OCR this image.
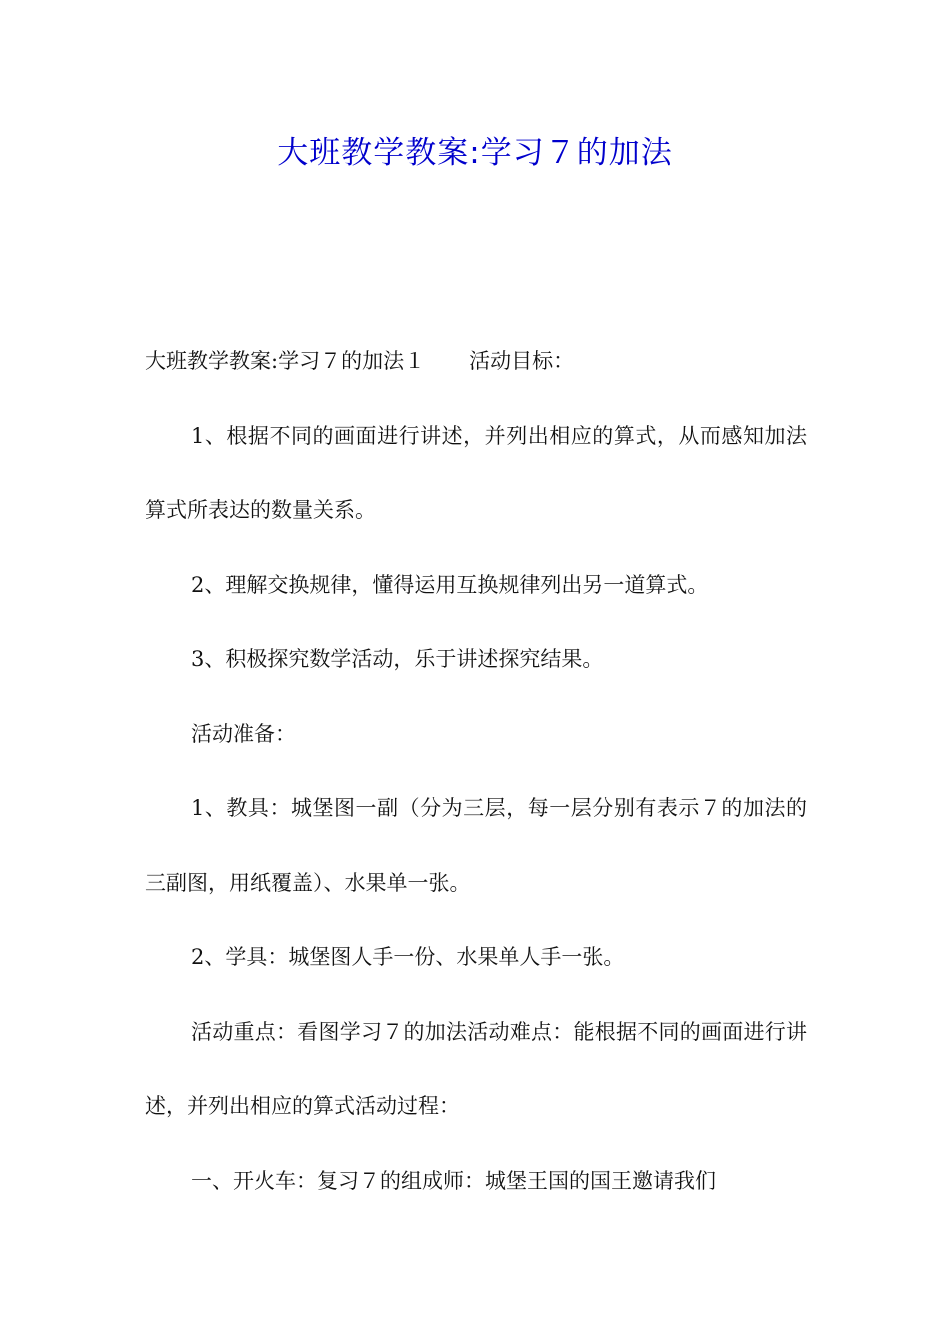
大班教学教案:学习７的加法

大班教学教案:学习７的加法１ 活动目标：

1、根据不同的画面进行讲述，并列出相应的算式，从而感知加法算式所表达的数量关系。

2、理解交换规律，懂得运用互换规律列出另一道算式。

3、积极探究数学活动，乐于讲述探究结果。

活动准备：

1、教具：城堡图一副（分为三层，每一层分别有表示７的加法的三副图，用纸覆盖）、水果单一张。

2、学具：城堡图人手一份、水果单人手一张。

活动重点：看图学习７的加法活动难点：能根据不同的画面进行讲述，并列出相应的算式活动过程：

一、开火车：复习７的组成师：城堡王国的国王邀请我们
